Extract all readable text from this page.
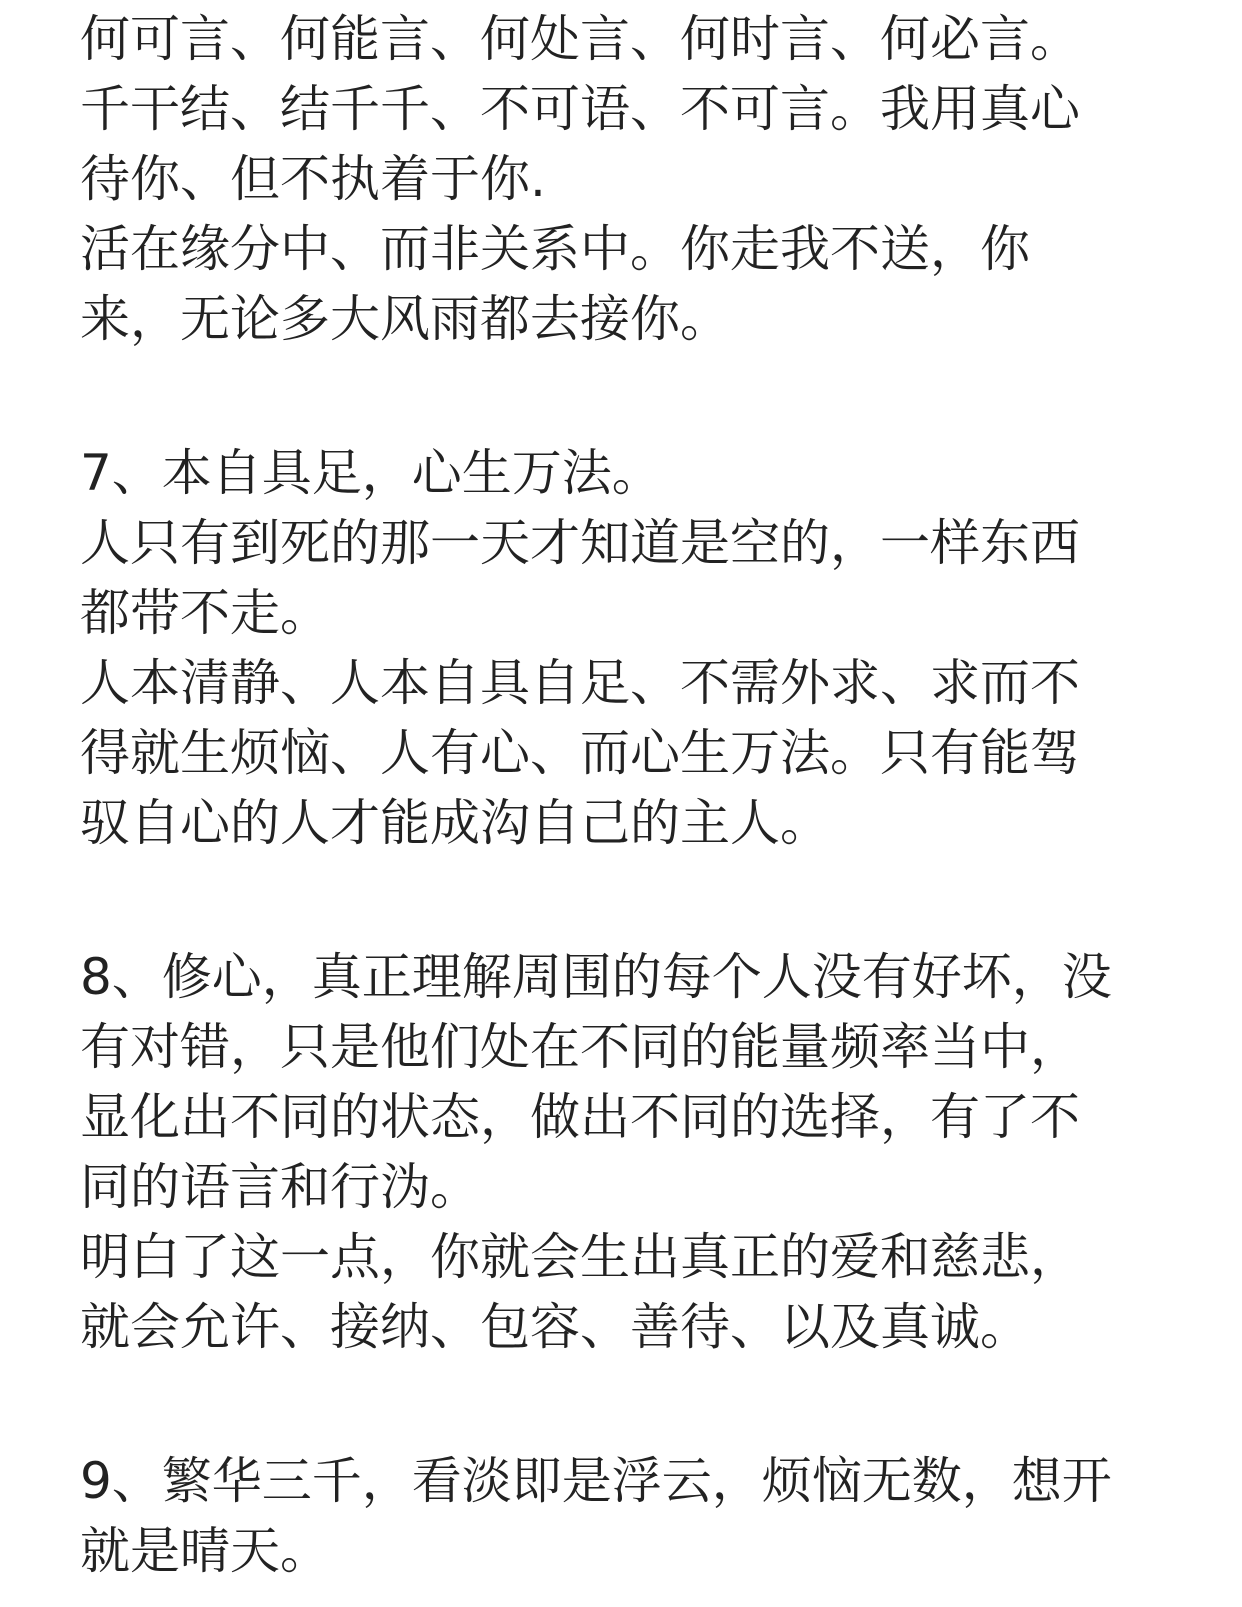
何可言、何能言、何处言、何时言、何必言。
千干结、结千千、不可语、不可言。我用真心
待你、但不执着于你.
活在缘分中、而非关系中。你走我不送，你
来，无论多大风雨都去接你。
7、本自具足，心生万法。
人只有到死的那一天才知道是空的，一样东西
都带不走。
人本清静、人本自具自足、不需外求、求而不
得就生烦恼、人有心、而心生万法。只有能驾
驭自心的人才能成沟自己的主人。
8、修心，真正理解周围的每个人没有好坏，没
有对错，只是他们处在不同的能量频率当中，
显化出不同的状态，做出不同的选择，有了不
同的语言和行沩。
明白了这一点，你就会生出真正的爱和慈悲，
就会允许、接纳、包容、善待、以及真诚。
9、繁华三千，看淡即是浮云，烦恼无数，想开
就是晴天。
